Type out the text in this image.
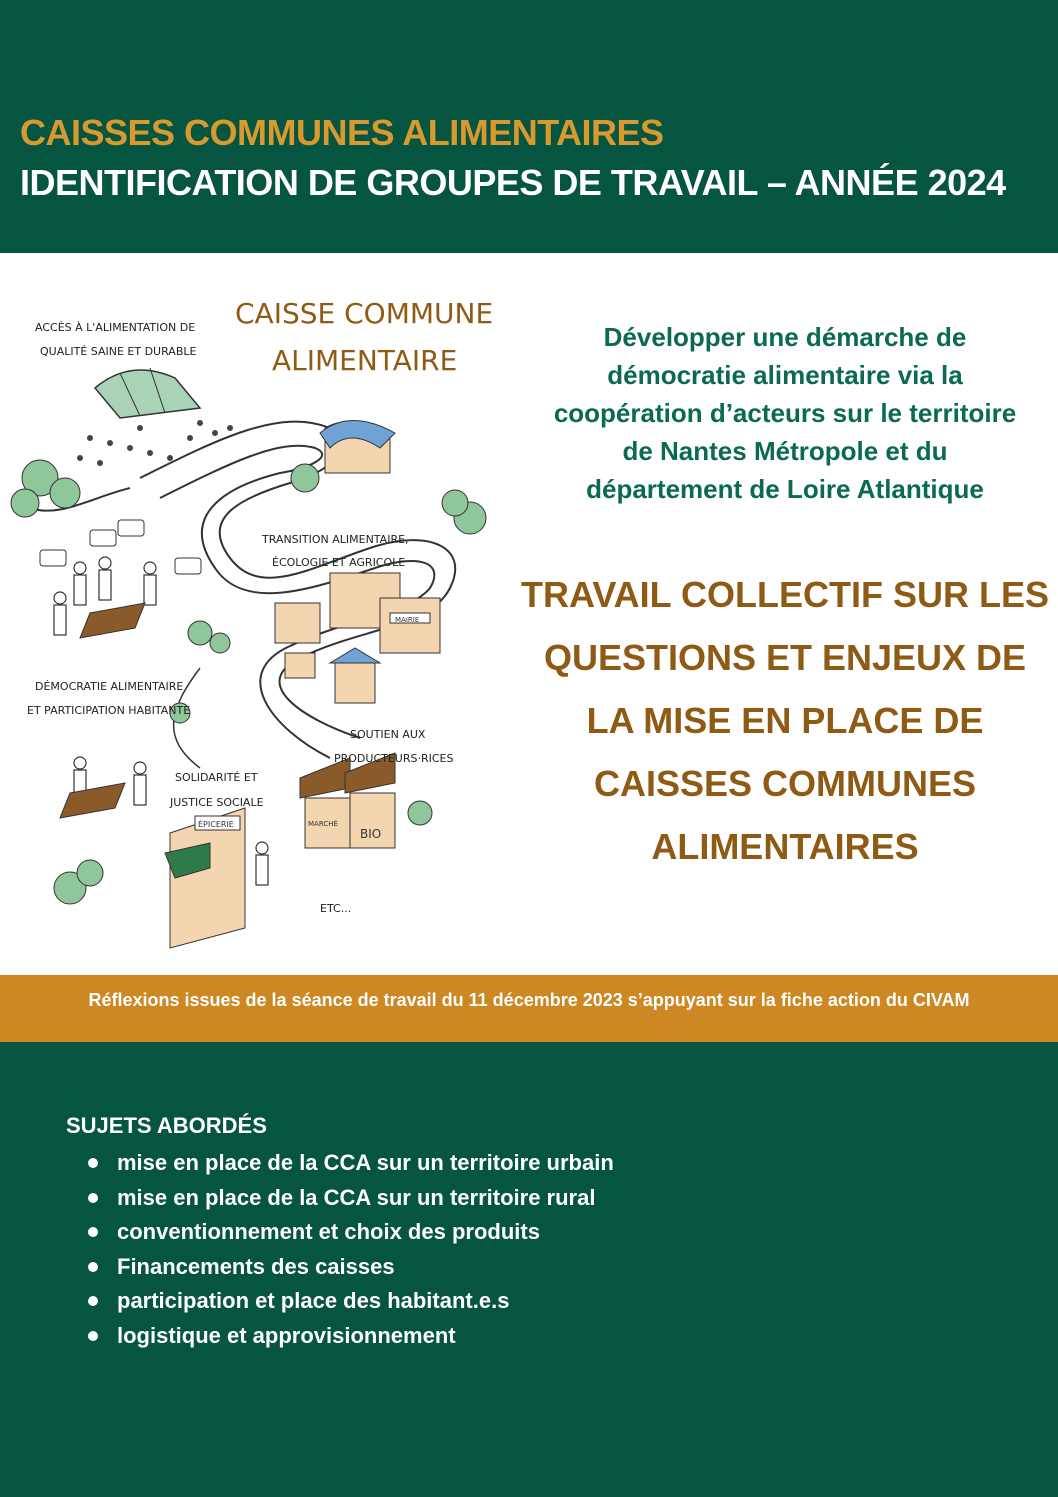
CAISSES COMMUNES ALIMENTAIRES
IDENTIFICATION DE GROUPES DE TRAVAIL – ANNÉE 2024
MAIRIE
BIO
ÉPICERIE
CAISSE COMMUNE
ALIMENTAIRE
ACCÈS À L'ALIMENTATION DE
QUALITÉ SAINE ET DURABLE
TRANSITION ALIMENTAIRE,
ÉCOLOGIE ET AGRICOLE
DÉMOCRATIE ALIMENTAIRE
ET PARTICIPATION HABITANTE
SOUTIEN AUX
PRODUCTEURS·RICES
SOLIDARITÉ ET
JUSTICE SOCIALE
ETC...
MARCHÉ
Développer une démarche de
démocratie alimentaire via la
coopération d’acteurs sur le territoire
de Nantes Métropole et du
département de Loire Atlantique
TRAVAIL COLLECTIF SUR LES
QUESTIONS ET ENJEUX DE
LA MISE EN PLACE DE
CAISSES COMMUNES
ALIMENTAIRES
Réflexions issues de la séance de travail du 11 décembre 2023 s’appuyant sur la fiche action du CIVAM
SUJETS ABORDÉS
mise en place de la CCA sur un territoire urbain
mise en place de la CCA sur un territoire rural
conventionnement et choix des produits
Financements des caisses
participation et place des habitant.e.s
logistique et approvisionnement
